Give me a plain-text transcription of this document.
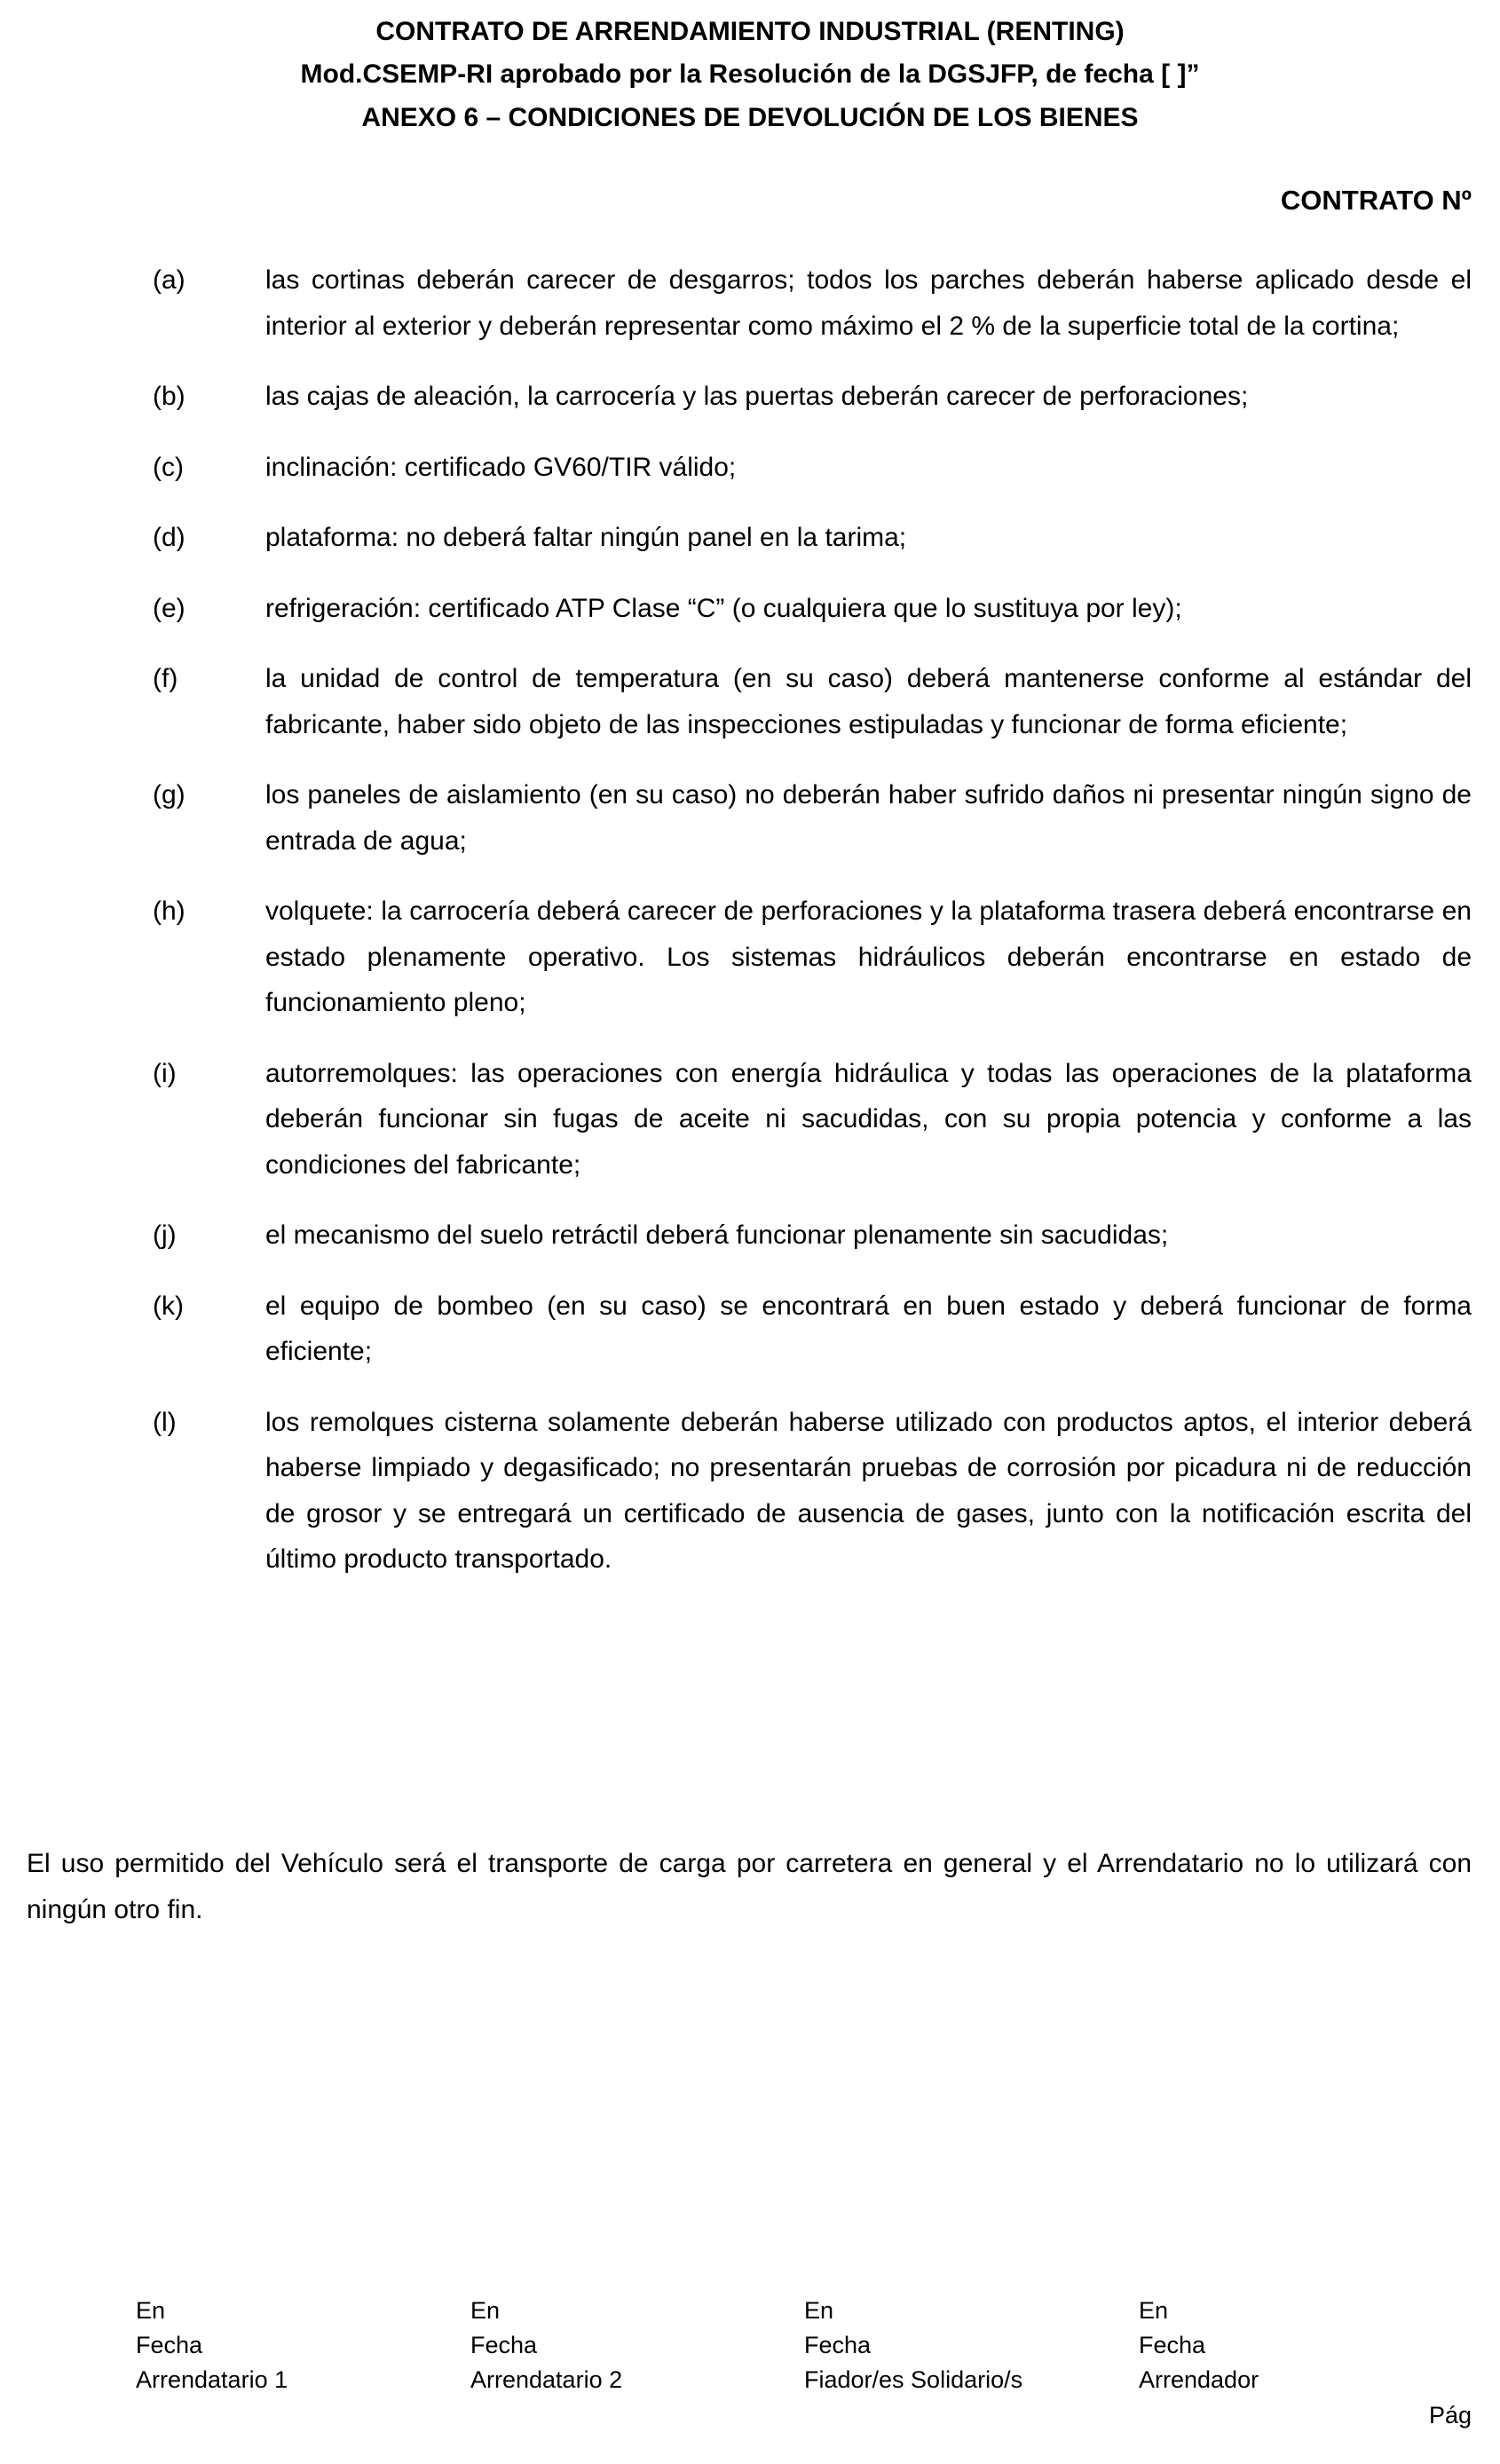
CONTRATO DE ARRENDAMIENTO INDUSTRIAL (RENTING)
Mod.CSEMP-RI aprobado por la Resolución de la DGSJFP, de fecha [ ]”
ANEXO 6 – CONDICIONES DE DEVOLUCIÓN DE LOS BIENES
CONTRATO Nº
(a)	las cortinas deberán carecer de desgarros; todos los parches deberán haberse aplicado desde el interior al exterior y deberán representar como máximo el 2 % de la superficie total de la cortina;
(b)	las cajas de aleación, la carrocería y las puertas deberán carecer de perforaciones;
(c)	inclinación: certificado GV60/TIR válido;
(d)	plataforma: no deberá faltar ningún panel en la tarima;
(e)	refrigeración: certificado ATP Clase “C” (o cualquiera que lo sustituya por ley);
(f)	la unidad de control de temperatura (en su caso) deberá mantenerse conforme al estándar del fabricante, haber sido objeto de las inspecciones estipuladas y funcionar de forma eficiente;
(g)	los paneles de aislamiento (en su caso) no deberán haber sufrido daños ni presentar ningún signo de entrada de agua;
(h)	volquete: la carrocería deberá carecer de perforaciones y la plataforma trasera deberá encontrarse en estado plenamente operativo. Los sistemas hidráulicos deberán encontrarse en estado de funcionamiento pleno;
(i)	autorremolques: las operaciones con energía hidráulica y todas las operaciones de la plataforma deberán funcionar sin fugas de aceite ni sacudidas, con su propia potencia y conforme a las condiciones del fabricante;
(j)	el mecanismo del suelo retráctil deberá funcionar plenamente sin sacudidas;
(k)	el equipo de bombeo (en su caso) se encontrará en buen estado y deberá funcionar de forma eficiente;
(l)	los remolques cisterna solamente deberán haberse utilizado con productos aptos, el interior deberá haberse limpiado y degasificado; no presentarán pruebas de corrosión por picadura ni de reducción de grosor y se entregará un certificado de ausencia de gases, junto con la notificación escrita del último producto transportado.
El uso permitido del Vehículo será el transporte de carga por carretera en general y el Arrendatario no lo utilizará con ningún otro fin.
En
Fecha
Arrendatario 1
En
Fecha
Arrendatario 2
En
Fecha
Fiador/es Solidario/s
En
Fecha
Arrendador
Pág
